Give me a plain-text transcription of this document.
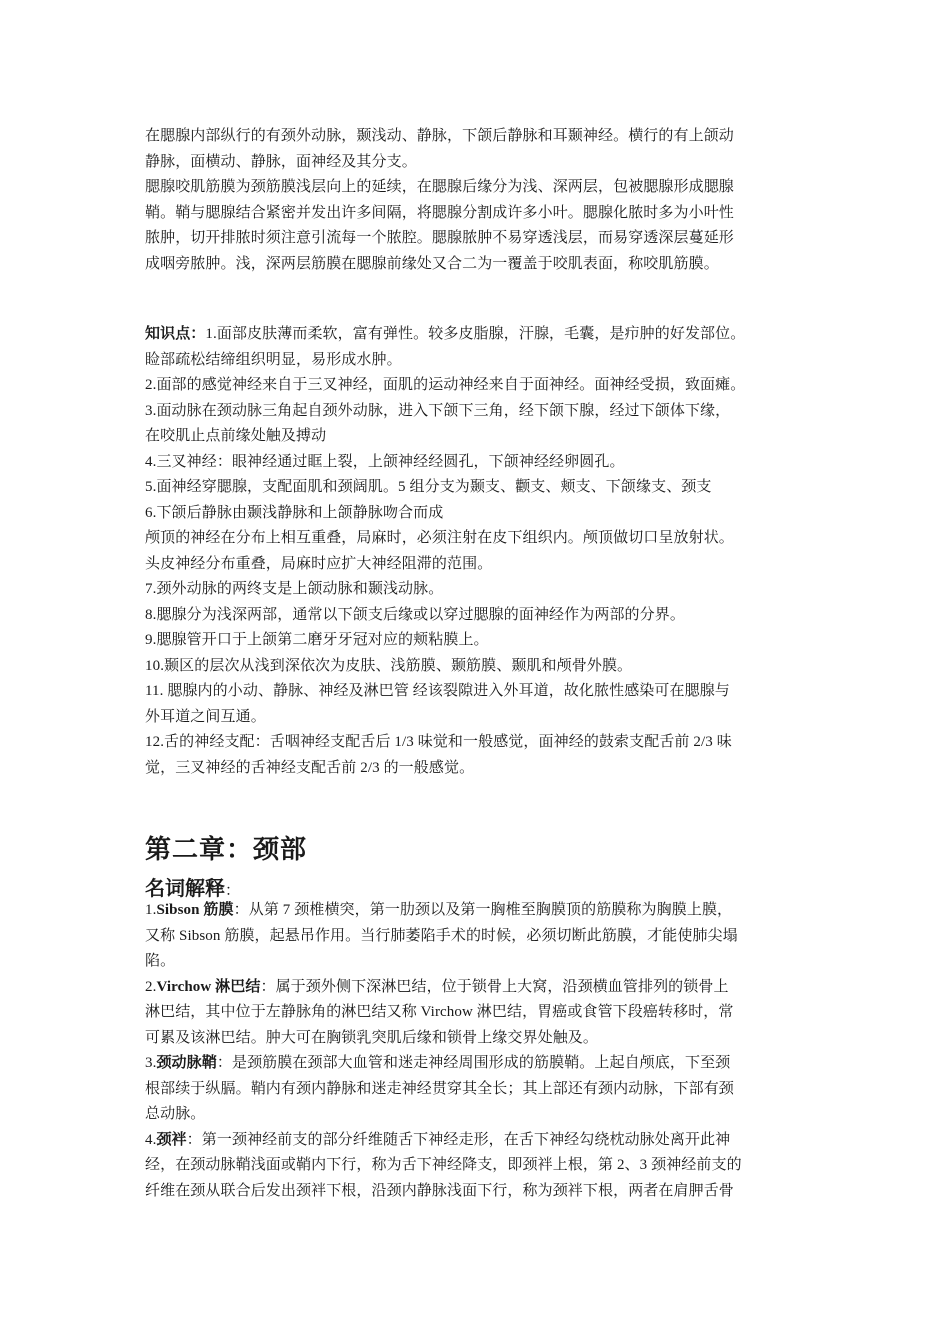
在腮腺内部纵行的有颈外动脉，颞浅动、静脉，下颌后静脉和耳颞神经。横行的有上颌动
静脉，面横动、静脉，面神经及其分支。

腮腺咬肌筋膜为颈筋膜浅层向上的延续，在腮腺后缘分为浅、深两层，包被腮腺形成腮腺
鞘。鞘与腮腺结合紧密并发出许多间隔，将腮腺分割成许多小叶。腮腺化脓时多为小叶性
脓肿，切开排脓时须注意引流每一个脓腔。腮腺脓肿不易穿透浅层，而易穿透深层蔓延形
成咽旁脓肿。浅，深两层筋膜在腮腺前缘处又合二为一覆盖于咬肌表面，称咬肌筋膜。

知识点：1.面部皮肤薄而柔软，富有弹性。较多皮脂腺，汗腺，毛囊，是疖肿的好发部位。
睑部疏松结缔组织明显，易形成水肿。
2.面部的感觉神经来自于三叉神经，面肌的运动神经来自于面神经。面神经受损，致面瘫。
3.面动脉在颈动脉三角起自颈外动脉，进入下颌下三角，经下颌下腺，经过下颌体下缘，
在咬肌止点前缘处触及搏动
4.三叉神经：眼神经通过眶上裂，上颌神经经圆孔，下颌神经经卵圆孔。
5.面神经穿腮腺，支配面肌和颈阔肌。5 组分支为颞支、颧支、颊支、下颌缘支、颈支
6.下颌后静脉由颞浅静脉和上颌静脉吻合而成
颅顶的神经在分布上相互重叠，局麻时，必须注射在皮下组织内。颅顶做切口呈放射状。
头皮神经分布重叠，局麻时应扩大神经阻滞的范围。
7.颈外动脉的两终支是上颌动脉和颞浅动脉。
8.腮腺分为浅深两部，通常以下颌支后缘或以穿过腮腺的面神经作为两部的分界。
9.腮腺管开口于上颌第二磨牙牙冠对应的颊粘膜上。
10.颞区的层次从浅到深依次为皮肤、浅筋膜、颞筋膜、颞肌和颅骨外膜。
11. 腮腺内的小动、静脉、神经及淋巴管 经该裂隙进入外耳道，故化脓性感染可在腮腺与
外耳道之间互通。
12.舌的神经支配：舌咽神经支配舌后 1/3 味觉和一般感觉，面神经的鼓索支配舌前 2/3 味
觉，三叉神经的舌神经支配舌前 2/3 的一般感觉。
第二章：颈部
名词解释：

1.Sibson 筋膜：从第 7 颈椎横突，第一肋颈以及第一胸椎至胸膜顶的筋膜称为胸膜上膜，
又称 Sibson 筋膜，起悬吊作用。当行肺萎陷手术的时候，必须切断此筋膜，才能使肺尖塌
陷。

2.Virchow 淋巴结：属于颈外侧下深淋巴结，位于锁骨上大窝，沿颈横血管排列的锁骨上
淋巴结，其中位于左静脉角的淋巴结又称 Virchow 淋巴结，胃癌或食管下段癌转移时，常
可累及该淋巴结。肿大可在胸锁乳突肌后缘和锁骨上缘交界处触及。

3.颈动脉鞘：是颈筋膜在颈部大血管和迷走神经周围形成的筋膜鞘。上起自颅底，下至颈
根部续于纵膈。鞘内有颈内静脉和迷走神经贯穿其全长；其上部还有颈内动脉，下部有颈
总动脉。

4.颈袢：第一颈神经前支的部分纤维随舌下神经走形，在舌下神经勾绕枕动脉处离开此神
经，在颈动脉鞘浅面或鞘内下行，称为舌下神经降支，即颈袢上根，第 2、3 颈神经前支的
纤维在颈从联合后发出颈袢下根，沿颈内静脉浅面下行，称为颈袢下根，两者在肩胛舌骨
